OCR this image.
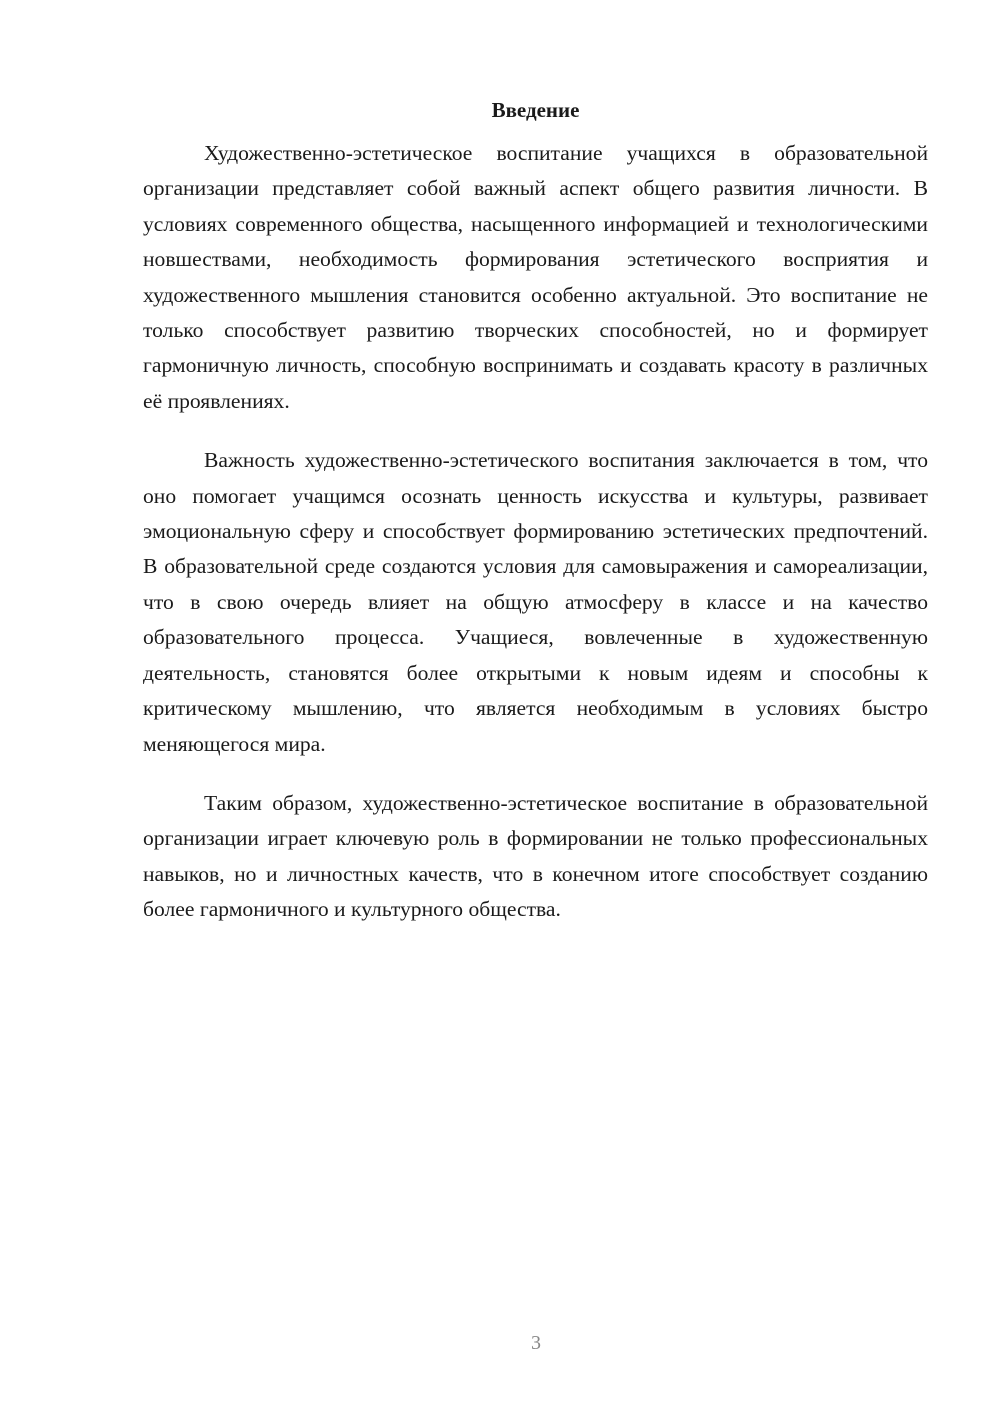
Введение

Художественно-эстетическое воспитание учащихся в образовательной организации представляет собой важный аспект общего развития личности. В условиях современного общества, насыщенного информацией и технологическими новшествами, необходимость формирования эстетического восприятия и художественного мышления становится особенно актуальной. Это воспитание не только способствует развитию творческих способностей, но и формирует гармоничную личность, способную воспринимать и создавать красоту в различных её проявлениях.

Важность художественно-эстетического воспитания заключается в том, что оно помогает учащимся осознать ценность искусства и культуры, развивает эмоциональную сферу и способствует формированию эстетических предпочтений. В образовательной среде создаются условия для самовыражения и самореализации, что в свою очередь влияет на общую атмосферу в классе и на качество образовательного процесса. Учащиеся, вовлеченные в художественную деятельность, становятся более открытыми к новым идеям и способны к критическому мышлению, что является необходимым в условиях быстро меняющегося мира.

Таким образом, художественно-эстетическое воспитание в образовательной организации играет ключевую роль в формировании не только профессиональных навыков, но и личностных качеств, что в конечном итоге способствует созданию более гармоничного и культурного общества.

3
